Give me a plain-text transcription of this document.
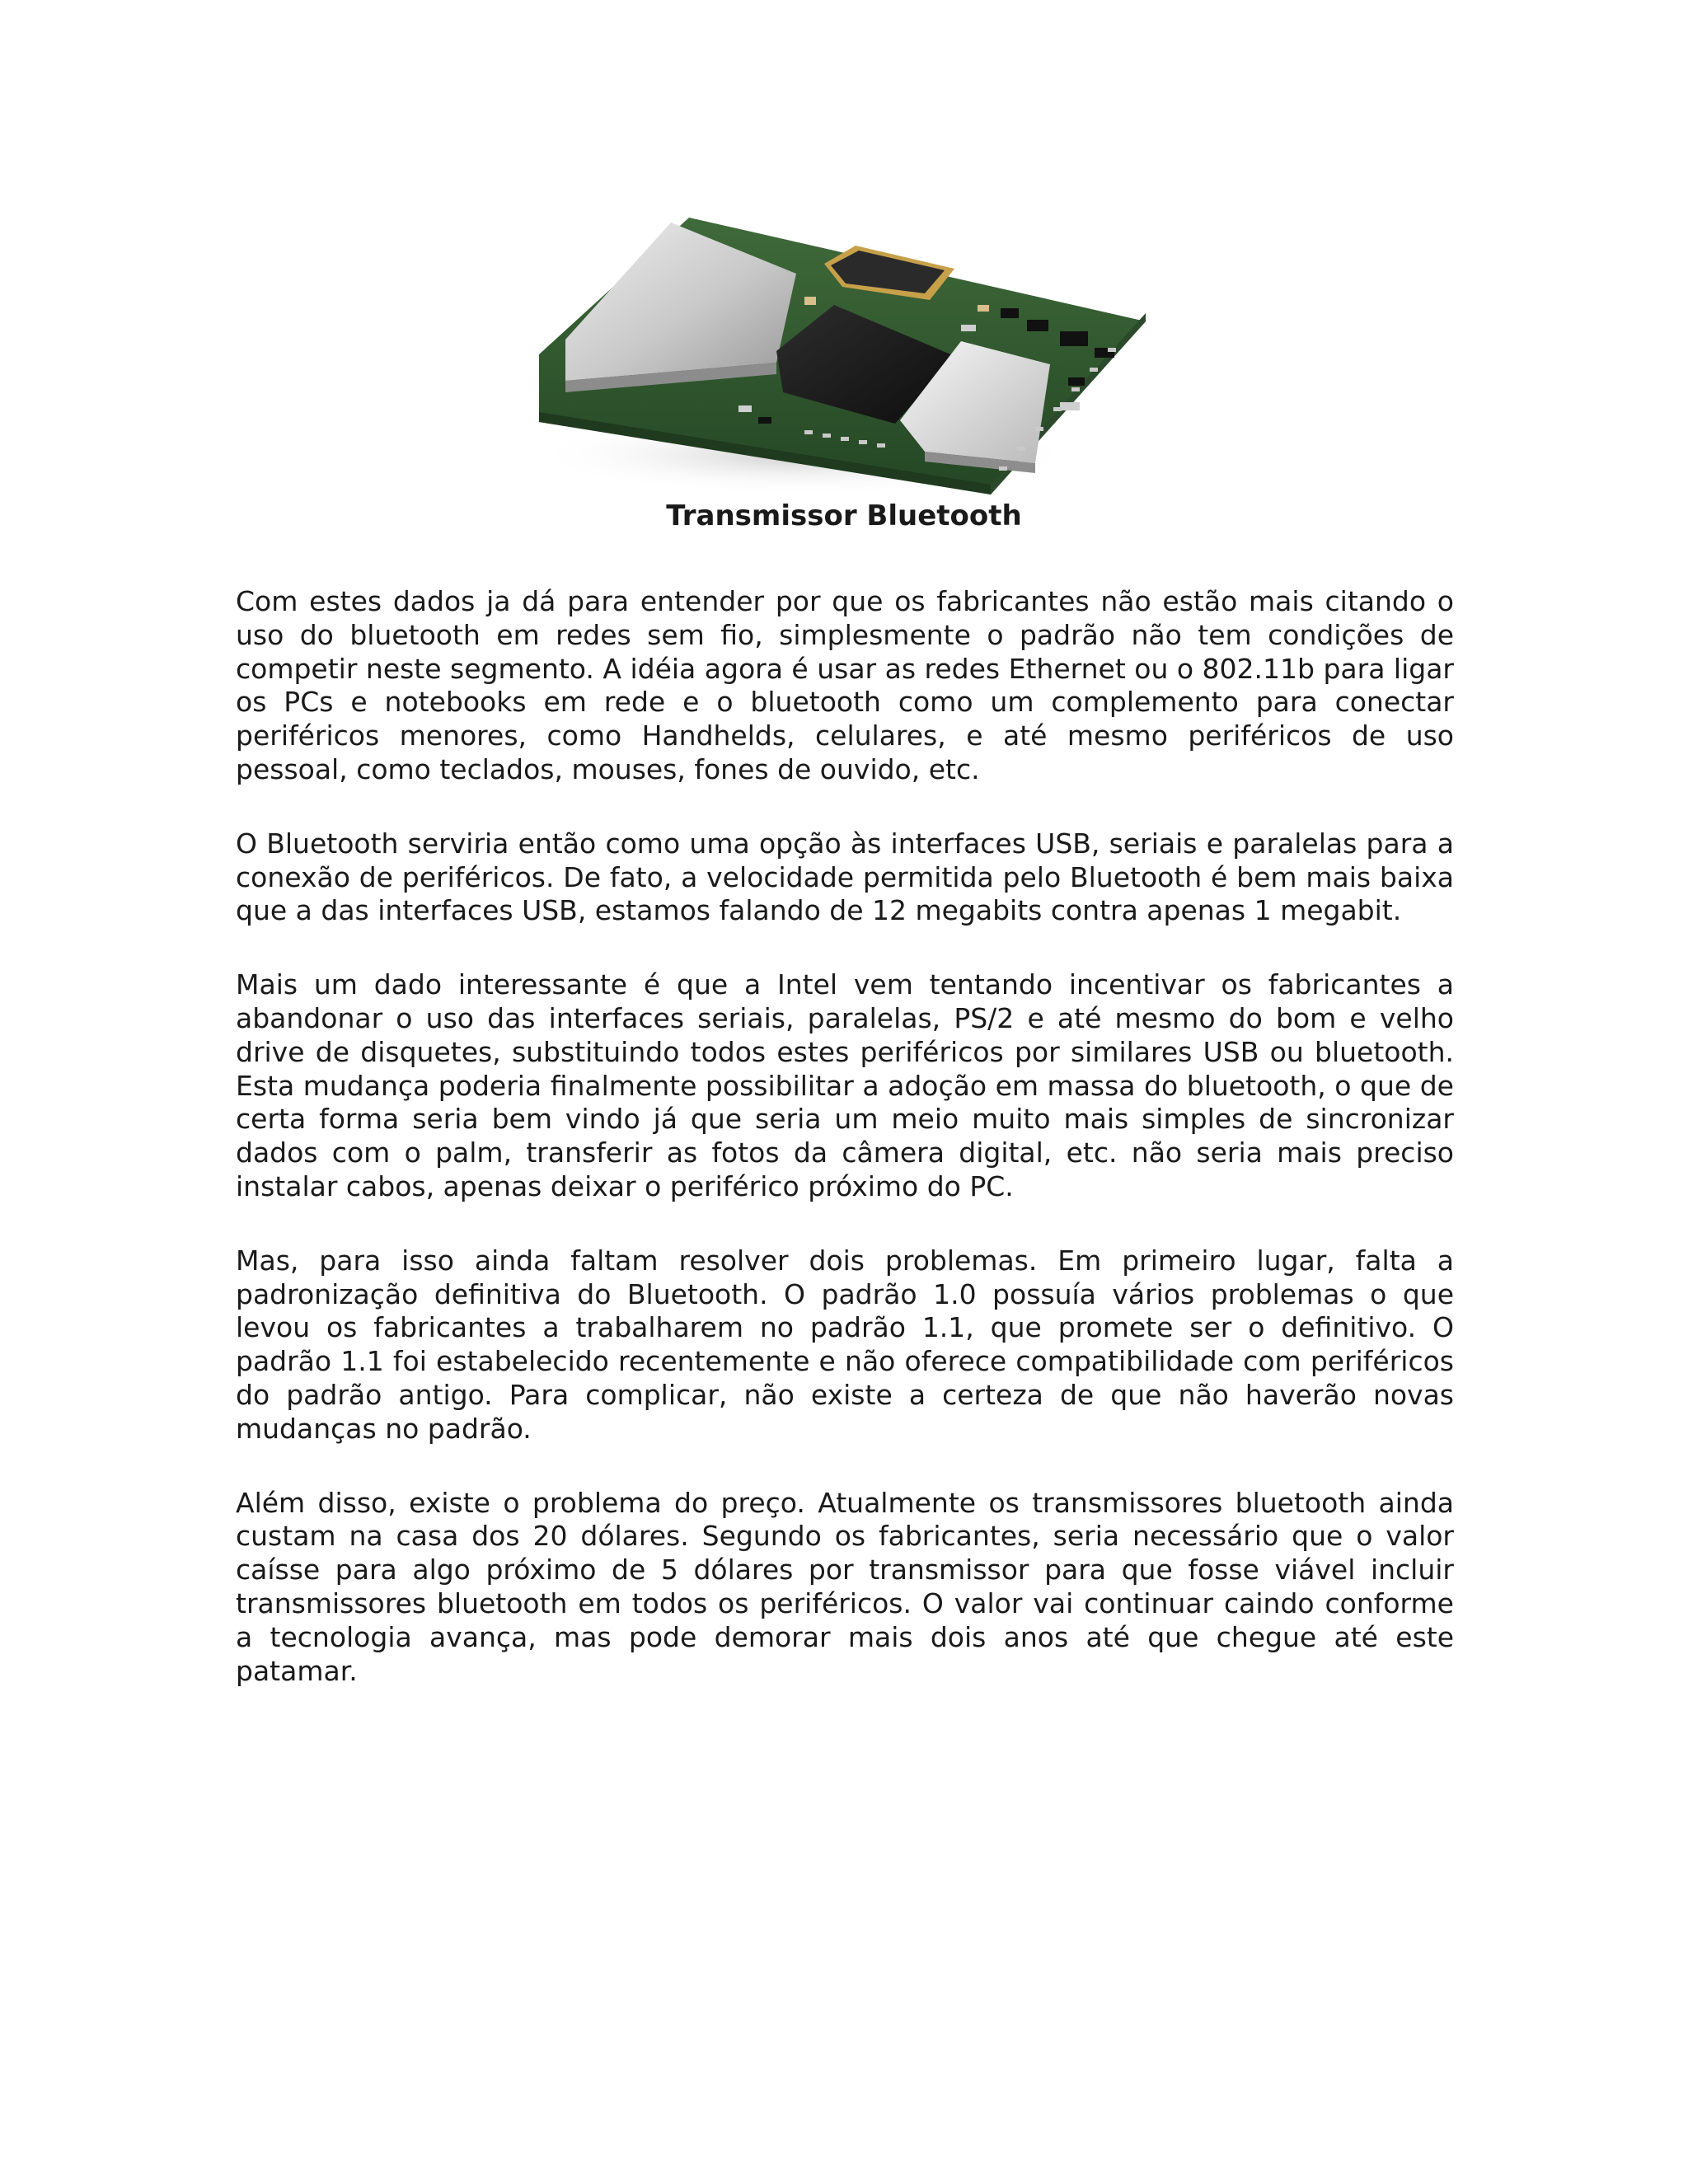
Transmissor Bluetooth

Com estes dados ja dá para entender por que os fabricantes não estão mais citando o uso do bluetooth em redes sem fio, simplesmente o padrão não tem condições de competir neste segmento. A idéia agora é usar as redes Ethernet ou o 802.11b para ligar os PCs e notebooks em rede e o bluetooth como um complemento para conectar periféricos menores, como Handhelds, celulares, e até mesmo periféricos de uso pessoal, como teclados, mouses, fones de ouvido, etc.

O Bluetooth serviria então como uma opção às interfaces USB, seriais e paralelas para a conexão de periféricos. De fato, a velocidade permitida pelo Bluetooth é bem mais baixa que a das interfaces USB, estamos falando de 12 megabits contra apenas 1 megabit.

Mais um dado interessante é que a Intel vem tentando incentivar os fabricantes a abandonar o uso das interfaces seriais, paralelas, PS/2 e até mesmo do bom e velho drive de disquetes, substituindo todos estes periféricos por similares USB ou bluetooth. Esta mudança poderia finalmente possibilitar a adoção em massa do bluetooth, o que de certa forma seria bem vindo já que seria um meio muito mais simples de sincronizar dados com o palm, transferir as fotos da câmera digital, etc. não seria mais preciso instalar cabos, apenas deixar o periférico próximo do PC.

Mas, para isso ainda faltam resolver dois problemas. Em primeiro lugar, falta a padronização definitiva do Bluetooth. O padrão 1.0 possuía vários problemas o que levou os fabricantes a trabalharem no padrão 1.1, que promete ser o definitivo. O padrão 1.1 foi estabelecido recentemente e não oferece compatibilidade com periféricos do padrão antigo. Para complicar, não existe a certeza de que não haverão novas mudanças no padrão.

Além disso, existe o problema do preço. Atualmente os transmissores bluetooth ainda custam na casa dos 20 dólares. Segundo os fabricantes, seria necessário que o valor caísse para algo próximo de 5 dólares por transmissor para que fosse viável incluir transmissores bluetooth em todos os periféricos. O valor vai continuar caindo conforme a tecnologia avança, mas pode demorar mais dois anos até que chegue até este patamar.
